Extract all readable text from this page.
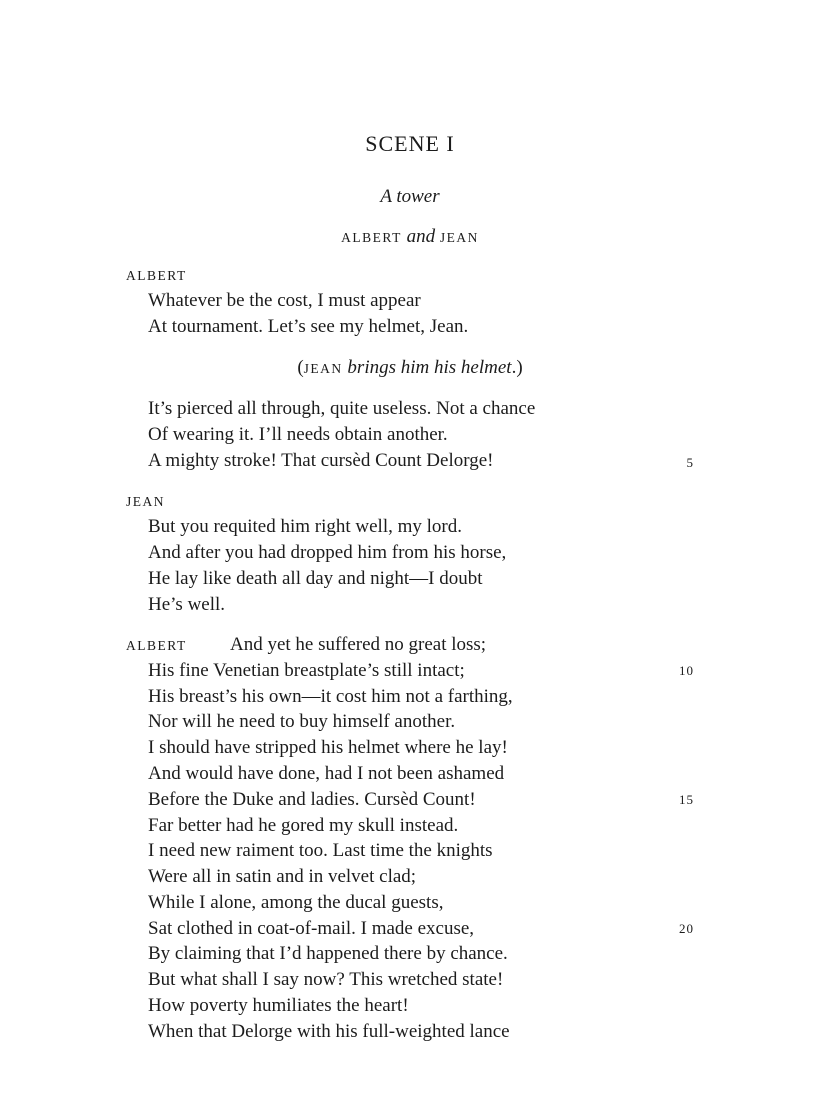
SCENE I
A tower
ALBERT and JEAN
ALBERT
Whatever be the cost, I must appear
At tournament. Let’s see my helmet, Jean.
(JEAN brings him his helmet.)
It’s pierced all through, quite useless. Not a chance
Of wearing it. I’ll needs obtain another.
A mighty stroke! That cursèd Count Delorge!	5
JEAN
But you requited him right well, my lord.
And after you had dropped him from his horse,
He lay like death all day and night—I doubt
He’s well.
ALBERT And yet he suffered no great loss;
His fine Venetian breastplate’s still intact;	10
His breast’s his own—it cost him not a farthing,
Nor will he need to buy himself another.
I should have stripped his helmet where he lay!
And would have done, had I not been ashamed
Before the Duke and ladies. Cursèd Count!	15
Far better had he gored my skull instead.
I need new raiment too. Last time the knights
Were all in satin and in velvet clad;
While I alone, among the ducal guests,
Sat clothed in coat-of-mail. I made excuse,	20
By claiming that I’d happened there by chance.
But what shall I say now? This wretched state!
How poverty humiliates the heart!
When that Delorge with his full-weighted lance
